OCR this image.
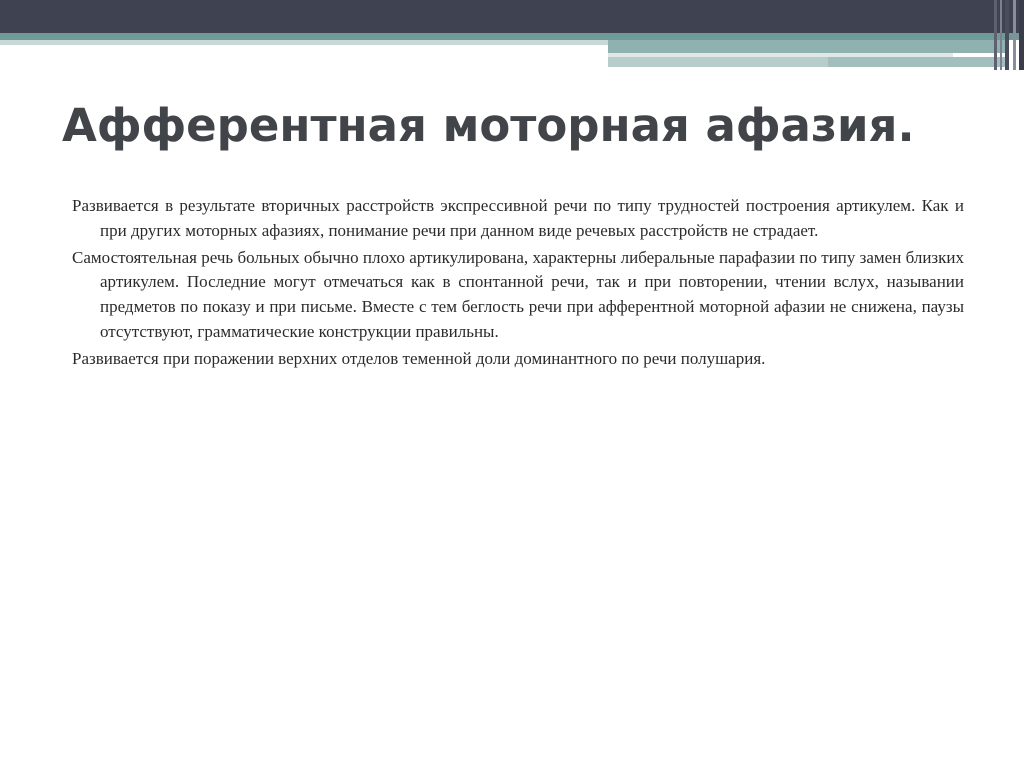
Афферентная моторная афазия.

Развивается в результате вторичных расстройств экспрессивной речи по типу трудностей построения артикулем. Как и при других моторных афазиях, понимание речи при данном виде речевых расстройств не страдает.

Самостоятельная речь больных обычно плохо артикулирована, характерны либеральные парафазии по типу замен близких артикулем. Последние могут отмечаться как в спонтанной речи, так и при повторении, чтении вслух, назывании предметов по показу и при письме. Вместе с тем беглость речи при афферентной моторной афазии не снижена, паузы отсутствуют, грамматические конструкции правильны.

Развивается при поражении верхних отделов теменной доли доминантного по речи полушария.
